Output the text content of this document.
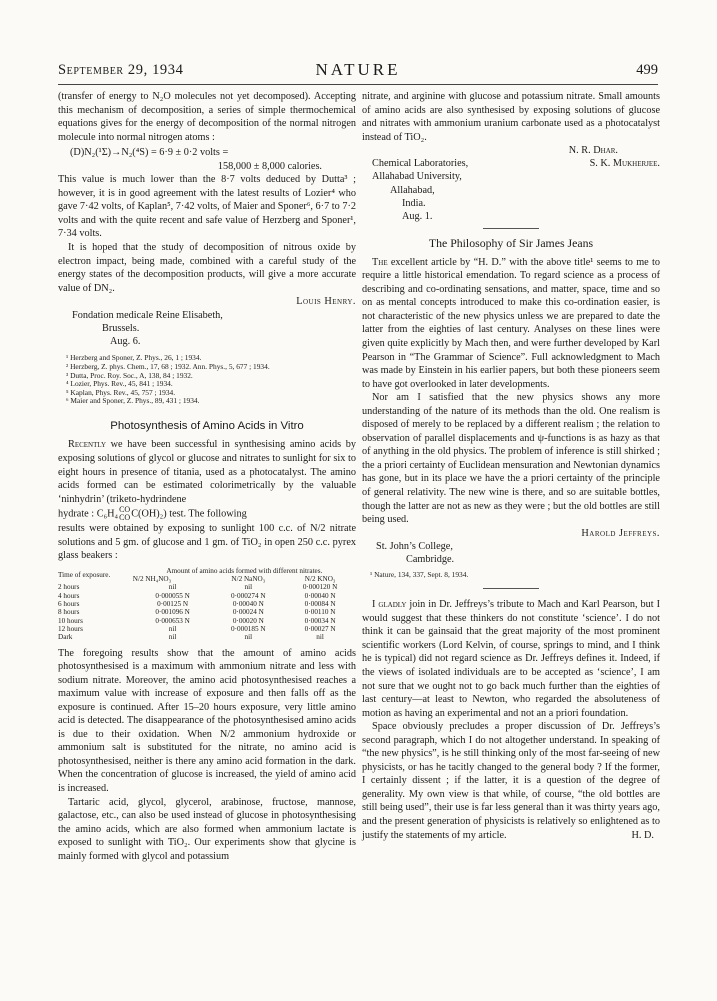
September 29, 1934	NATURE	499

(transfer of energy to N₂O molecules not yet decomposed). Accepting this mechanism of decomposition, a series of simple thermochemical equations gives for the energy of decomposition of the normal nitrogen molecule into normal nitrogen atoms :

(D)N₂(¹Σ)→N₂(⁴S) = 6·9 ± 0·2 volts =

158,000 ± 8,000 calories.

This value is much lower than the 8·7 volts deduced by Dutta³ ; however, it is in good agreement with the latest results of Lozier⁴ who gave 7·42 volts, of Kaplan⁵, 7·42 volts, of Maier and Sponer⁶, 6·7 to 7·2 volts and with the quite recent and safe value of Herzberg and Sponer¹, 7·34 volts.

It is hoped that the study of decomposition of nitrous oxide by electron impact, being made, combined with a careful study of the energy states of the decomposition products, will give a more accurate value of DN₂.

Louis Henry.

Fondation medicale Reine Elisabeth,
Brussels.
Aug. 6.

¹ Herzberg and Sponer, Z. Phys., 26, 1 ; 1934.

² Herzberg, Z. phys. Chem., 17, 68 ; 1932. Ann. Phys., 5, 677 ; 1934.

³ Dutta, Proc. Roy. Soc., A, 138, 84 ; 1932.

⁴ Lozier, Phys. Rev., 45, 841 ; 1934.

⁵ Kaplan, Phys. Rev., 45, 757 ; 1934.

⁶ Maier and Sponer, Z. Phys., 89, 431 ; 1934.

Photosynthesis of Amino Acids in Vitro

Recently we have been successful in synthesising amino acids by exposing solutions of glycol or glucose and nitrates to sunlight for six to eight hours in presence of titania, used as a photocatalyst. The amino acids formed can be estimated colorimetrically by the valuable ‘ninhydrin’ (triketo-hydrindene

hydrate : C₆H₄CO
COC(OH)₂) test. The following

results were obtained by exposing to sunlight 100 c.c. of N/2 nitrate solutions and 5 gm. of glucose and 1 gm. of TiO₂ in open 250 c.c. pyrex glass beakers :

Time of exposure.	Amount of amino acids formed with different nitrates.		
	N/2 NH₄NO₃	N/2 NaNO₃	N/2 KNO₃
2 hours	nil	nil	0·000120 N
4 hours	0·000055 N	0·000274 N	0·00040 N
6 hours	0·00125 N	0·00040 N	0·00084 N
8 hours	0·001096 N	0·00024 N	0·00110 N
10 hours	0·000653 N	0·00020 N	0·00034 N
12 hours	nil	0·000185 N	0·00027 N
Dark	nil	nil	nil

The foregoing results show that the amount of amino acids photosynthesised is a maximum with ammonium nitrate and less with sodium nitrate. Moreover, the amino acid photosynthesised reaches a maximum value with increase of exposure and then falls off as the exposure is continued. After 15–20 hours exposure, very little amino acid is detected. The disappearance of the photosynthesised amino acids is due to their oxidation. When N/2 ammonium hydroxide or ammonium salt is substituted for the nitrate, no amino acid is photosynthesised, neither is there any amino acid formation in the dark. When the concentration of glucose is increased, the yield of amino acid is increased.

Tartaric acid, glycol, glycerol, arabinose, fructose, mannose, galactose, etc., can also be used instead of glucose in photosynthesising the amino acids, which are also formed when ammonium lactate is exposed to sunlight with TiO₂. Our experiments show that glycine is mainly formed with glycol and potassium

nitrate, and arginine with glucose and potassium nitrate. Small amounts of amino acids are also synthesised by exposing solutions of glucose and nitrates with ammonium uranium carbonate used as a photocatalyst instead of TiO₂.

N. R. Dhar.
S. K. Mukherjee.
Chemical Laboratories,
Allahabad University,
Allahabad,
India.
Aug. 1.
The Philosophy of Sir James Jeans

The excellent article by “H. D.” with the above title¹ seems to me to require a little historical emendation. To regard science as a process of describing and co-ordinating sensations, and matter, space, time and so on as mental concepts introduced to make this co-ordination easier, is not characteristic of the new physics unless we are prepared to date the latter from the eighties of last century. Analyses on these lines were given quite explicitly by Mach then, and were further developed by Karl Pearson in “The Grammar of Science”. Full acknowledgment to Mach was made by Einstein in his earlier papers, but both these pioneers seem to have got overlooked in later developments.

Nor am I satisfied that the new physics shows any more understanding of the nature of its methods than the old. One realism is disposed of merely to be replaced by a different realism ; the relation to observation of parallel displacements and ψ-functions is as hazy as that of anything in the old physics. The problem of inference is still shirked ; the a priori certainty of Euclidean mensuration and Newtonian dynamics has gone, but in its place we have the a priori certainty of the principle of general relativity. The new wine is there, and so are suitable bottles, though the latter are not as new as they were ; but the old bottles are still being used.

Harold Jeffreys.

St. John’s College,
Cambridge.

¹ Nature, 134, 337, Sept. 8, 1934.

I gladly join in Dr. Jeffreys’s tribute to Mach and Karl Pearson, but I would suggest that these thinkers do not constitute ‘science’. I do not think it can be gainsaid that the great majority of the most prominent scientific workers (Lord Kelvin, of course, springs to mind, and I think he is typical) did not regard science as Dr. Jeffreys defines it. Indeed, if the views of isolated individuals are to be accepted as ‘science’, I am not sure that we ought not to go back much further than the eighties of last century—at least to Newton, who regarded the absoluteness of motion as having an experimental and not an a priori foundation.

Space obviously precludes a proper discussion of Dr. Jeffreys’s second paragraph, which I do not altogether understand. In speaking of “the new physics”, is he still thinking only of the most far-seeing of new physicists, or has he tacitly changed to the general body ? If the former, I certainly dissent ; if the latter, it is a question of the degree of generality. My own view is that while, of course, “the old bottles are still being used”, their use is far less general than it was thirty years ago, and the present generation of physicists is relatively so enlightened as to justify the statements of my article.	H. D.
